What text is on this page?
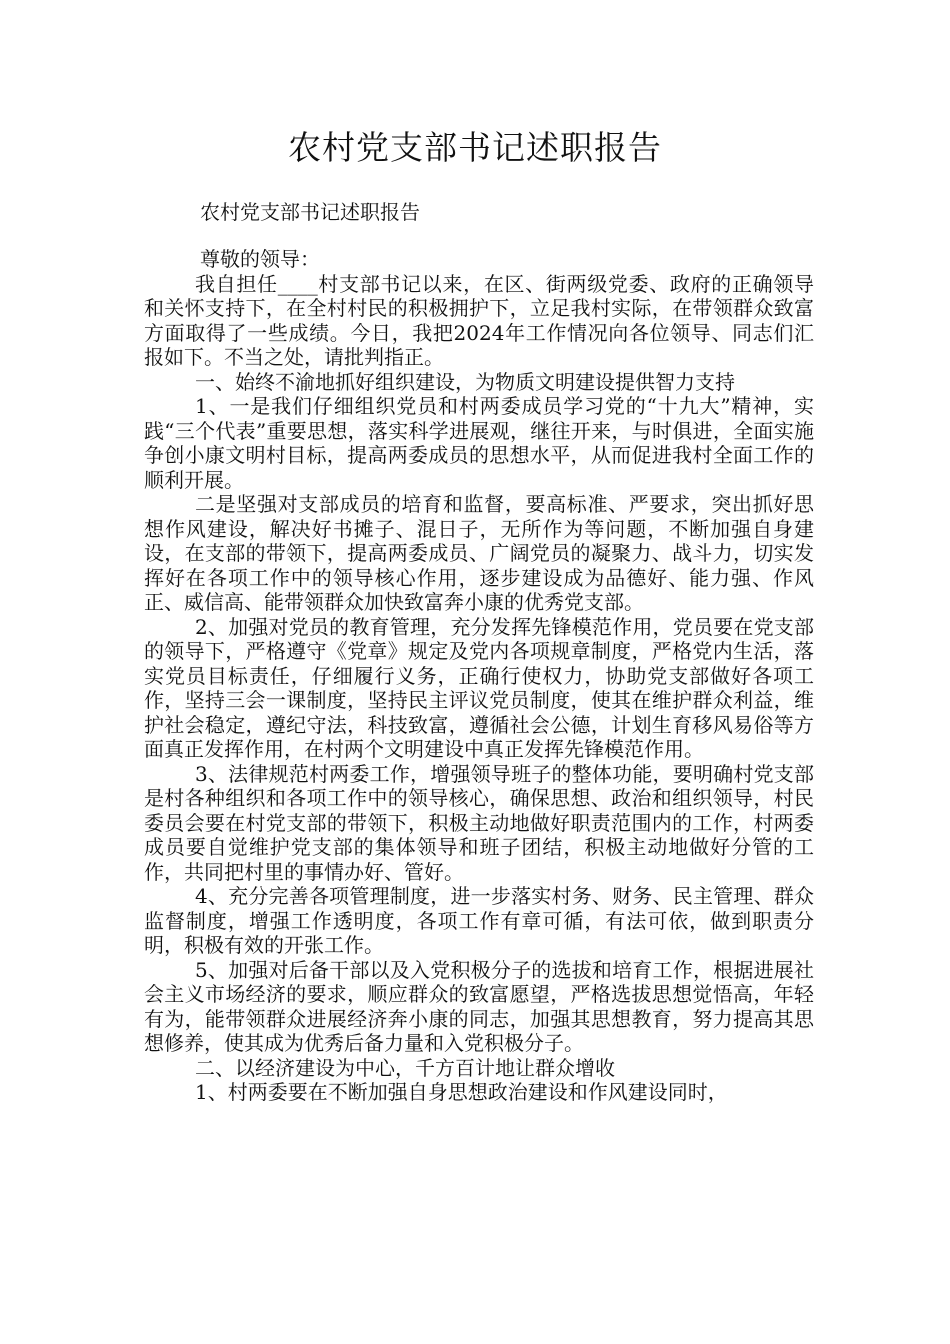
农村党支部书记述职报告

农村党支部书记述职报告

尊敬的领导：

我自担任____村支部书记以来，在区、街两级党委、政府的正确领导和关怀支持下，在全村村民的积极拥护下，立足我村实际，在带领群众致富方面取得了一些成绩。今日，我把2024年工作情况向各位领导、同志们汇报如下。不当之处，请批判指正。

一、始终不渝地抓好组织建设，为物质文明建设提供智力支持

1、一是我们仔细组织党员和村两委成员学习党的“十九大”精神，实践“三个代表”重要思想，落实科学进展观，继往开来，与时俱进，全面实施争创小康文明村目标，提高两委成员的思想水平，从而促进我村全面工作的顺利开展。

二是坚强对支部成员的培育和监督，要高标准、严要求，突出抓好思想作风建设，解决好书摊子、混日子，无所作为等问题，不断加强自身建设，在支部的带领下，提高两委成员、广阔党员的凝聚力、战斗力，切实发挥好在各项工作中的领导核心作用，逐步建设成为品德好、能力强、作风正、威信高、能带领群众加快致富奔小康的优秀党支部。

2、加强对党员的教育管理，充分发挥先锋模范作用，党员要在党支部的领导下，严格遵守《党章》规定及党内各项规章制度，严格党内生活，落实党员目标责任，仔细履行义务，正确行使权力，协助党支部做好各项工作，坚持三会一课制度，坚持民主评议党员制度，使其在维护群众利益，维护社会稳定，遵纪守法，科技致富，遵循社会公德，计划生育移风易俗等方面真正发挥作用，在村两个文明建设中真正发挥先锋模范作用。

3、法律规范村两委工作，增强领导班子的整体功能，要明确村党支部是村各种组织和各项工作中的领导核心，确保思想、政治和组织领导，村民委员会要在村党支部的带领下，积极主动地做好职责范围内的工作，村两委成员要自觉维护党支部的集体领导和班子团结，积极主动地做好分管的工作，共同把村里的事情办好、管好。

4、充分完善各项管理制度，进一步落实村务、财务、民主管理、群众监督制度，增强工作透明度，各项工作有章可循，有法可依，做到职责分明，积极有效的开张工作。

5、加强对后备干部以及入党积极分子的选拔和培育工作，根据进展社会主义市场经济的要求，顺应群众的致富愿望，严格选拔思想觉悟高，年轻有为，能带领群众进展经济奔小康的同志，加强其思想教育，努力提高其思想修养，使其成为优秀后备力量和入党积极分子。

二、以经济建设为中心，千方百计地让群众增收

1、村两委要在不断加强自身思想政治建设和作风建设同时，
